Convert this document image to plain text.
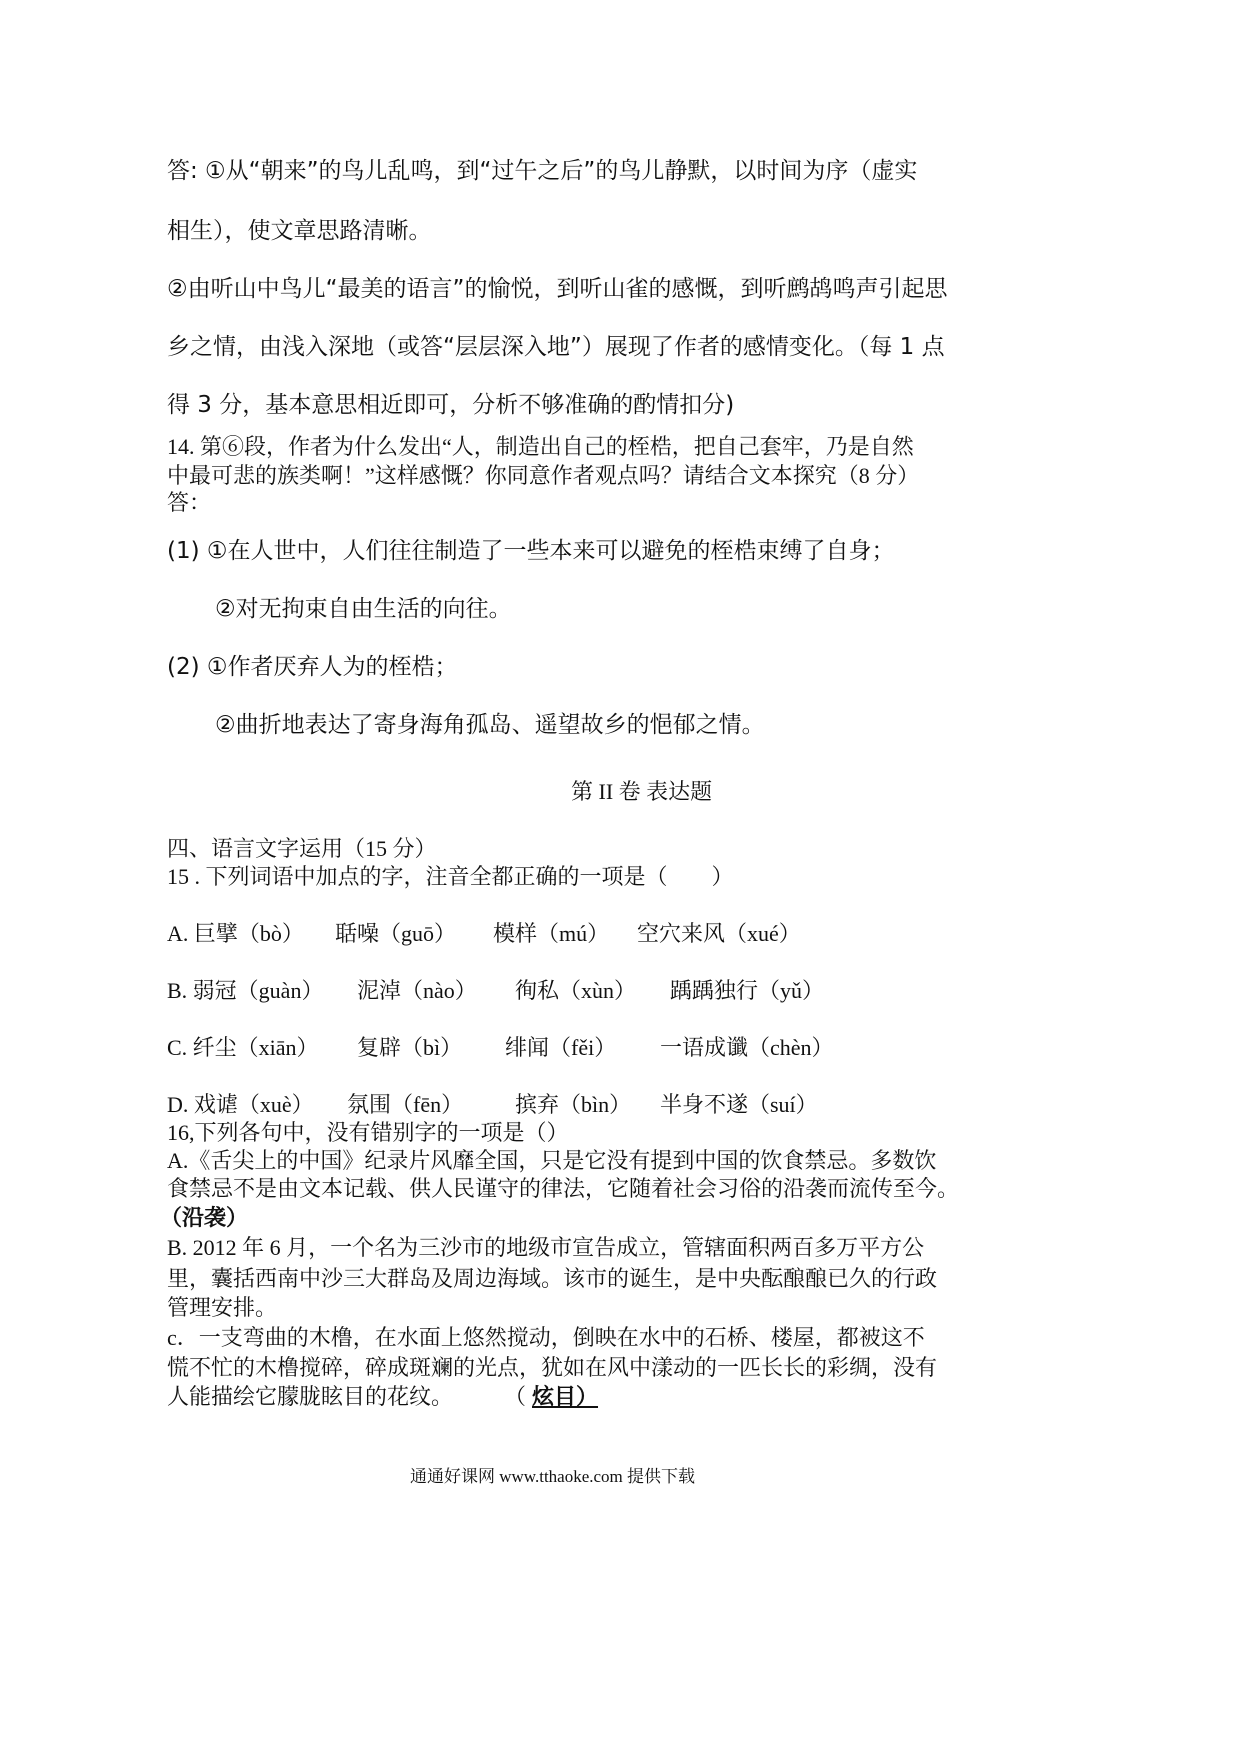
答: ①从“朝来”的鸟儿乱鸣，到“过午之后”的鸟儿静默，以时间为序（虚实
相生），使文章思路清晰。
②由听山中鸟儿“最美的语言”的愉悦，到听山雀的感慨，到听鹧鸪鸣声引起思
乡之情，由浅入深地（或答“层层深入地”）展现了作者的感情变化。（每 1 点
得 3 分，基本意思相近即可，分析不够准确的酌情扣分)
14. 第⑥段，作者为什么发出“人，制造出自己的桎梏，把自己套牢，乃是自然
中最可悲的族类啊！”这样感慨？你同意作者观点吗？请结合文本探究（8 分）
答：
(1) ①在人世中，人们往往制造了一些本来可以避免的桎梏束缚了自身；
②对无拘束自由生活的向往。
(2) ①作者厌弃人为的桎梏；
②曲折地表达了寄身海角孤岛、遥望故乡的悒郁之情。
第 II 卷 表达题
四、语言文字运用（15 分）
15 . 下列词语中加点的字，注音全都正确的一项是（　　）
A. 巨擘（bò） 聒噪（guō） 模样（mú） 空穴来风（xué）
B. 弱冠（guàn） 泥淖（nào） 徇私（xùn） 踽踽独行（yǔ）
C. 纤尘（xiān） 复辟（bì） 绯闻（fěi） 一语成谶（chèn）
D. 戏谑（xuè） 氛围（fēn） 摈弃（bìn） 半身不遂（suí）
16,下列各句中，没有错别字的一项是（）
A.《舌尖上的中国》纪录片风靡全国，只是它没有提到中国的饮食禁忌。多数饮
食禁忌不是由文本记载、供人民谨守的律法，它随着社会习俗的沿袭而流传至今。
（沿袭）
B. 2012 年 6 月，一个名为三沙市的地级市宣告成立，管辖面积两百多万平方公
里，囊括西南中沙三大群岛及周边海域。该市的诞生，是中央酝酿酿已久的行政
管理安排。
c．一支弯曲的木橹，在水面上悠然搅动，倒映在水中的石桥、楼屋，都被这不
慌不忙的木橹搅碎，碎成斑斓的光点，犹如在风中漾动的一匹长长的彩绸，没有
人能描绘它朦胧眩目的花纹。 （ 炫目）
通通好课网 www.tthaoke.com 提供下载
